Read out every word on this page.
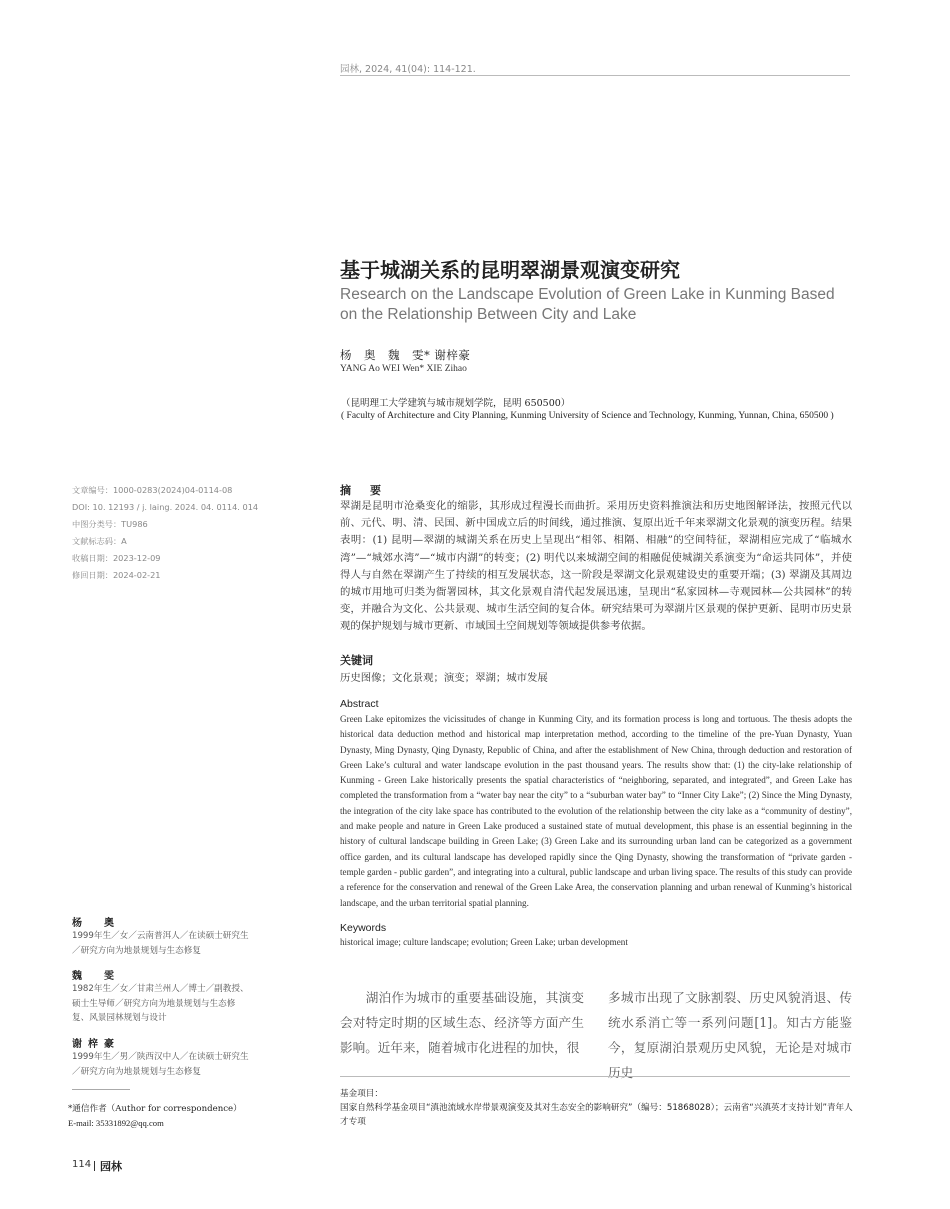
园林, 2024, 41(04): 114-121.
基于城湖关系的昆明翠湖景观演变研究
Research on the Landscape Evolution of Green Lake in Kunming Based on the Relationship Between City and Lake
杨　奥　魏　雯* 谢梓豪
YANG Ao WEI Wen* XIE Zihao
（昆明理工大学建筑与城市规划学院，昆明 650500）
( Faculty of Architecture and City Planning, Kunming University of Science and Technology, Kunming, Yunnan, China, 650500 )
文章编号：1000-0283(2024)04-0114-08
DOI: 10. 12193 / j. laing. 2024. 04. 0114. 014
中图分类号：TU986
文献标志码：A
收稿日期：2023-12-09
修回日期：2024-02-21
摘　要
翠湖是昆明市沧桑变化的缩影，其形成过程漫长而曲折。采用历史资料推演法和历史地图解译法，按照元代以前、元代、明、清、民国、新中国成立后的时间线，通过推演、复原出近千年来翠湖文化景观的演变历程。结果表明：(1) 昆明—翠湖的城湖关系在历史上呈现出“相邻、相隔、相融”的空间特征，翠湖相应完成了“临城水湾”—“城郊水湾”—“城市内湖”的转变；(2) 明代以来城湖空间的相融促使城湖关系演变为“命运共同体”，并使得人与自然在翠湖产生了持续的相互发展状态，这一阶段是翠湖文化景观建设史的重要开端；(3) 翠湖及其周边的城市用地可归类为衙署园林，其文化景观自清代起发展迅速，呈现出“私家园林—寺观园林—公共园林”的转变，并融合为文化、公共景观、城市生活空间的复合体。研究结果可为翠湖片区景观的保护更新、昆明市历史景观的保护规划与城市更新、市域国土空间规划等领域提供参考依据。
关键词
历史图像；文化景观；演变；翠湖；城市发展
Abstract
Green Lake epitomizes the vicissitudes of change in Kunming City, and its formation process is long and tortuous. The thesis adopts the historical data deduction method and historical map interpretation method, according to the timeline of the pre-Yuan Dynasty, Yuan Dynasty, Ming Dynasty, Qing Dynasty, Republic of China, and after the establishment of New China, through deduction and restoration of Green Lake’s cultural and water landscape evolution in the past thousand years. The results show that: (1) the city-lake relationship of Kunming - Green Lake historically presents the spatial characteristics of “neighboring, separated, and integrated”, and Green Lake has completed the transformation from a “water bay near the city” to a “suburban water bay” to “Inner City Lake”; (2) Since the Ming Dynasty, the integration of the city lake space has contributed to the evolution of the relationship between the city lake as a “community of destiny”, and make people and nature in Green Lake produced a sustained state of mutual development, this phase is an essential beginning in the history of cultural landscape building in Green Lake; (3) Green Lake and its surrounding urban land can be categorized as a government office garden, and its cultural landscape has developed rapidly since the Qing Dynasty, showing the transformation of “private garden - temple garden - public garden”, and integrating into a cultural, public landscape and urban living space. The results of this study can provide a reference for the conservation and renewal of the Green Lake Area, the conservation planning and urban renewal of Kunming’s historical landscape, and the urban territorial spatial planning.
Keywords
historical image; culture landscape; evolution; Green Lake; urban development
　　湖泊作为城市的重要基础设施，其演变会对特定时期的区域生态、经济等方面产生影响。近年来，随着城市化进程的加快，很
多城市出现了文脉割裂、历史风貌消退、传统水系消亡等一系列问题[1]。知古方能鉴今，复原湖泊景观历史风貌，无论是对城市历史
杨　奥
1999年生／女／云南普洱人／在读硕士研究生／研究方向为地景规划与生态修复
魏　雯
1982年生／女／甘肃兰州人／博士／副教授、硕士生导师／研究方向为地景规划与生态修复、风景园林规划与设计
谢梓豪
1999年生／男／陕西汉中人／在读硕士研究生／研究方向为地景规划与生态修复
*通信作者（Author for correspondence）
E-mail: 35331892@qq.com
基金项目：
国家自然科学基金项目“滇池流域水岸带景观演变及其对生态安全的影响研究”（编号：51868028）；云南省“兴滇英才支持计划”青年人才专项
114 园林
